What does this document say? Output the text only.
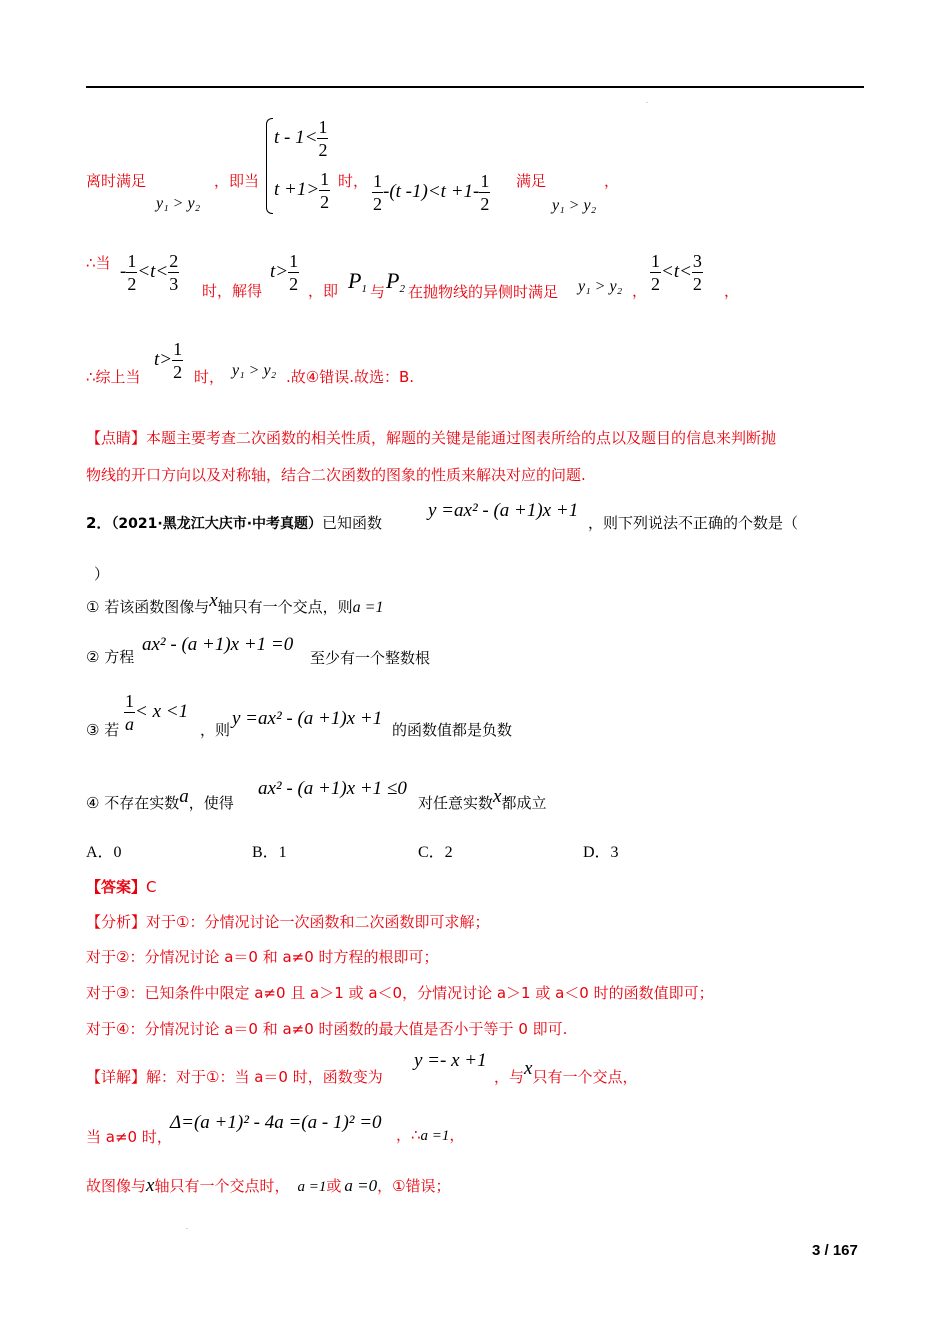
.
$t - 1< \frac{1}{2}$
$t +1> \frac{1}{2}$
离时满足
y₁ > y₂
，即当	时， $\frac{1}{2} -(t$ $-1)<t +1- \frac{1}{2}$ 满足
y₁ > y₂
，
∴当 - $\frac{1}{2} <t< \frac{2}{3}$ 时，解得
$t> \frac{1}{2}$ ，即 $P_1$ 与 $P_2$ 在抛物线的异侧时满足 y₁ > y₂ ， $\frac{1}{2} <t< \frac{3}{2}$ ，
∴综上当
$t> \frac{1}{2}$ 时， y₁ > y₂ .故④错误.故选：B.
【点睛】本题主要考查二次函数的相关性质，解题的关键是能通过图表所给的点以及题目的信息来判断抛
物线的开口方向以及对称轴，结合二次函数的图象的性质来解决对应的问题.
2．（2021·黑龙江大庆市·中考真题）已知函数
y =ax² - (a +1)x +1
，则下列说法不正确的个数是（
）
① 若该函数图像与x轴只有一个交点，则a =1
② 方程
ax² - (a +1)x +1 =0
至少有一个整数根
③ 若 $\frac{1}{a} < x <1$
，则
y =ax² - (a +1)x +1
的函数值都是负数
④ 不存在实数a，使得
ax² - (a +1)x +1 ≤0
对任意实数x都成立
A．0	B．1	C．2	D．3
【答案】C
【分析】对于①：分情况讨论一次函数和二次函数即可求解；
对于②：分情况讨论 a＝0 和 a≠0 时方程的根即可；
对于③：已知条件中限定 a≠0 且 a＞1 或 a＜0，分情况讨论 a＞1 或 a＜0 时的函数值即可；
对于④：分情况讨论 a＝0 和 a≠0 时函数的最大值是否小于等于 0 即可.
【详解】解：对于①：当 a＝0 时，函数变为
y =- x +1
，与x只有一个交点，
当 a≠0 时，
Δ=(a +1)² - 4a =(a - 1)² =0
，∴a =1，
故图像与x轴只有一个交点时， a =1或 a =0，①错误；
.
3 / 167
